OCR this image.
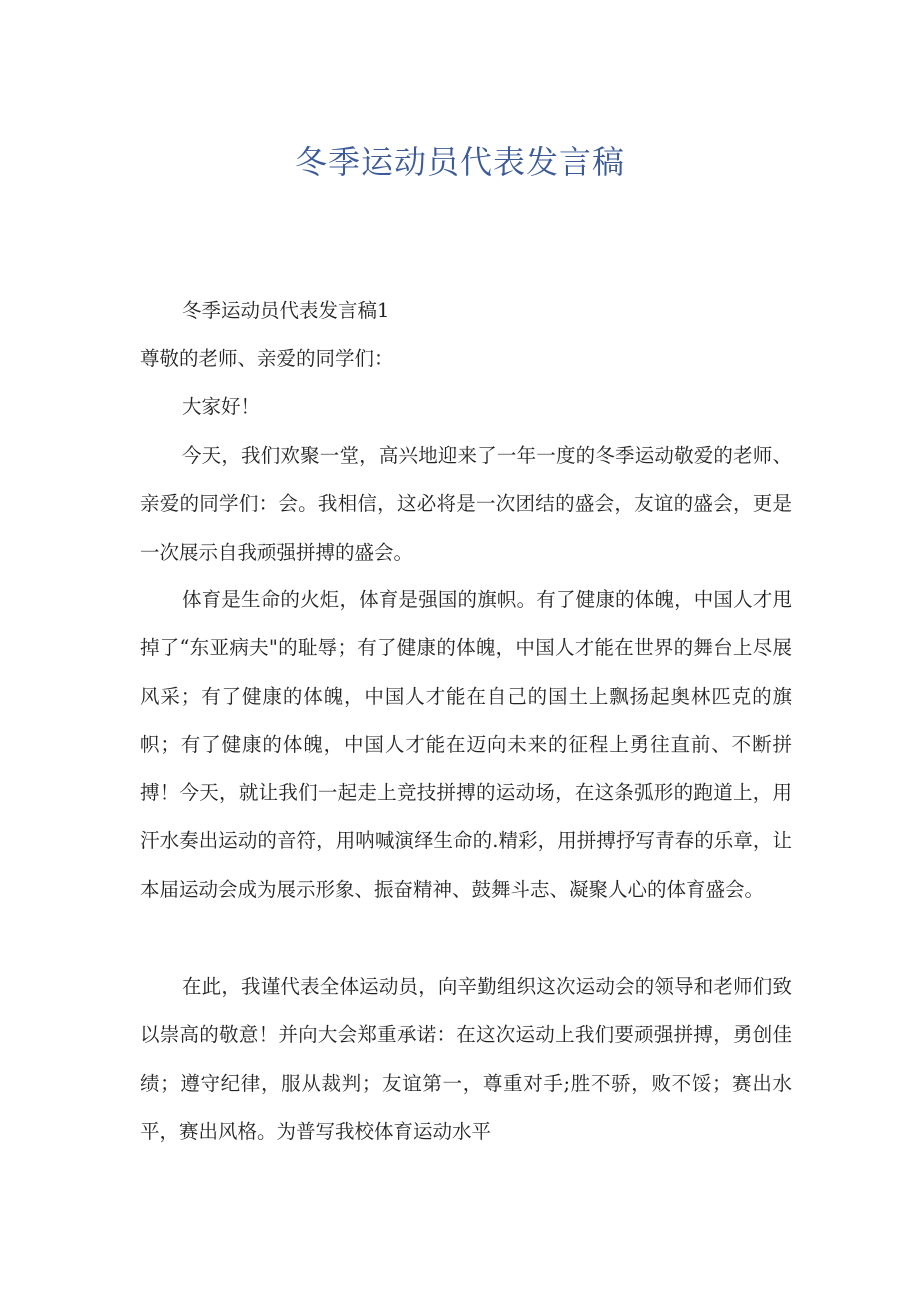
冬季运动员代表发言稿
冬季运动员代表发言稿1
尊敬的老师、亲爱的同学们：
大家好！
今天，我们欢聚一堂，高兴地迎来了一年一度的冬季运动敬爱的老师、亲爱的同学们：会。我相信，这必将是一次团结的盛会，友谊的盛会，更是一次展示自我顽强拼搏的盛会。
体育是生命的火炬，体育是强国的旗帜。有了健康的体魄，中国人才甩掉了“东亚病夫"的耻辱；有了健康的体魄，中国人才能在世界的舞台上尽展风采；有了健康的体魄，中国人才能在自己的国土上飘扬起奥林匹克的旗帜；有了健康的体魄，中国人才能在迈向未来的征程上勇往直前、不断拼搏！今天，就让我们一起走上竞技拼搏的运动场，在这条弧形的跑道上，用汗水奏出运动的音符，用呐喊演绎生命的.精彩，用拼搏抒写青春的乐章，让本届运动会成为展示形象、振奋精神、鼓舞斗志、凝聚人心的体育盛会。
在此，我谨代表全体运动员，向辛勤组织这次运动会的领导和老师们致以崇高的敬意！并向大会郑重承诺：在这次运动上我们要顽强拼搏，勇创佳绩；遵守纪律，服从裁判；友谊第一，尊重对手;胜不骄，败不馁；赛出水平，赛出风格。为普写我校体育运动水平
